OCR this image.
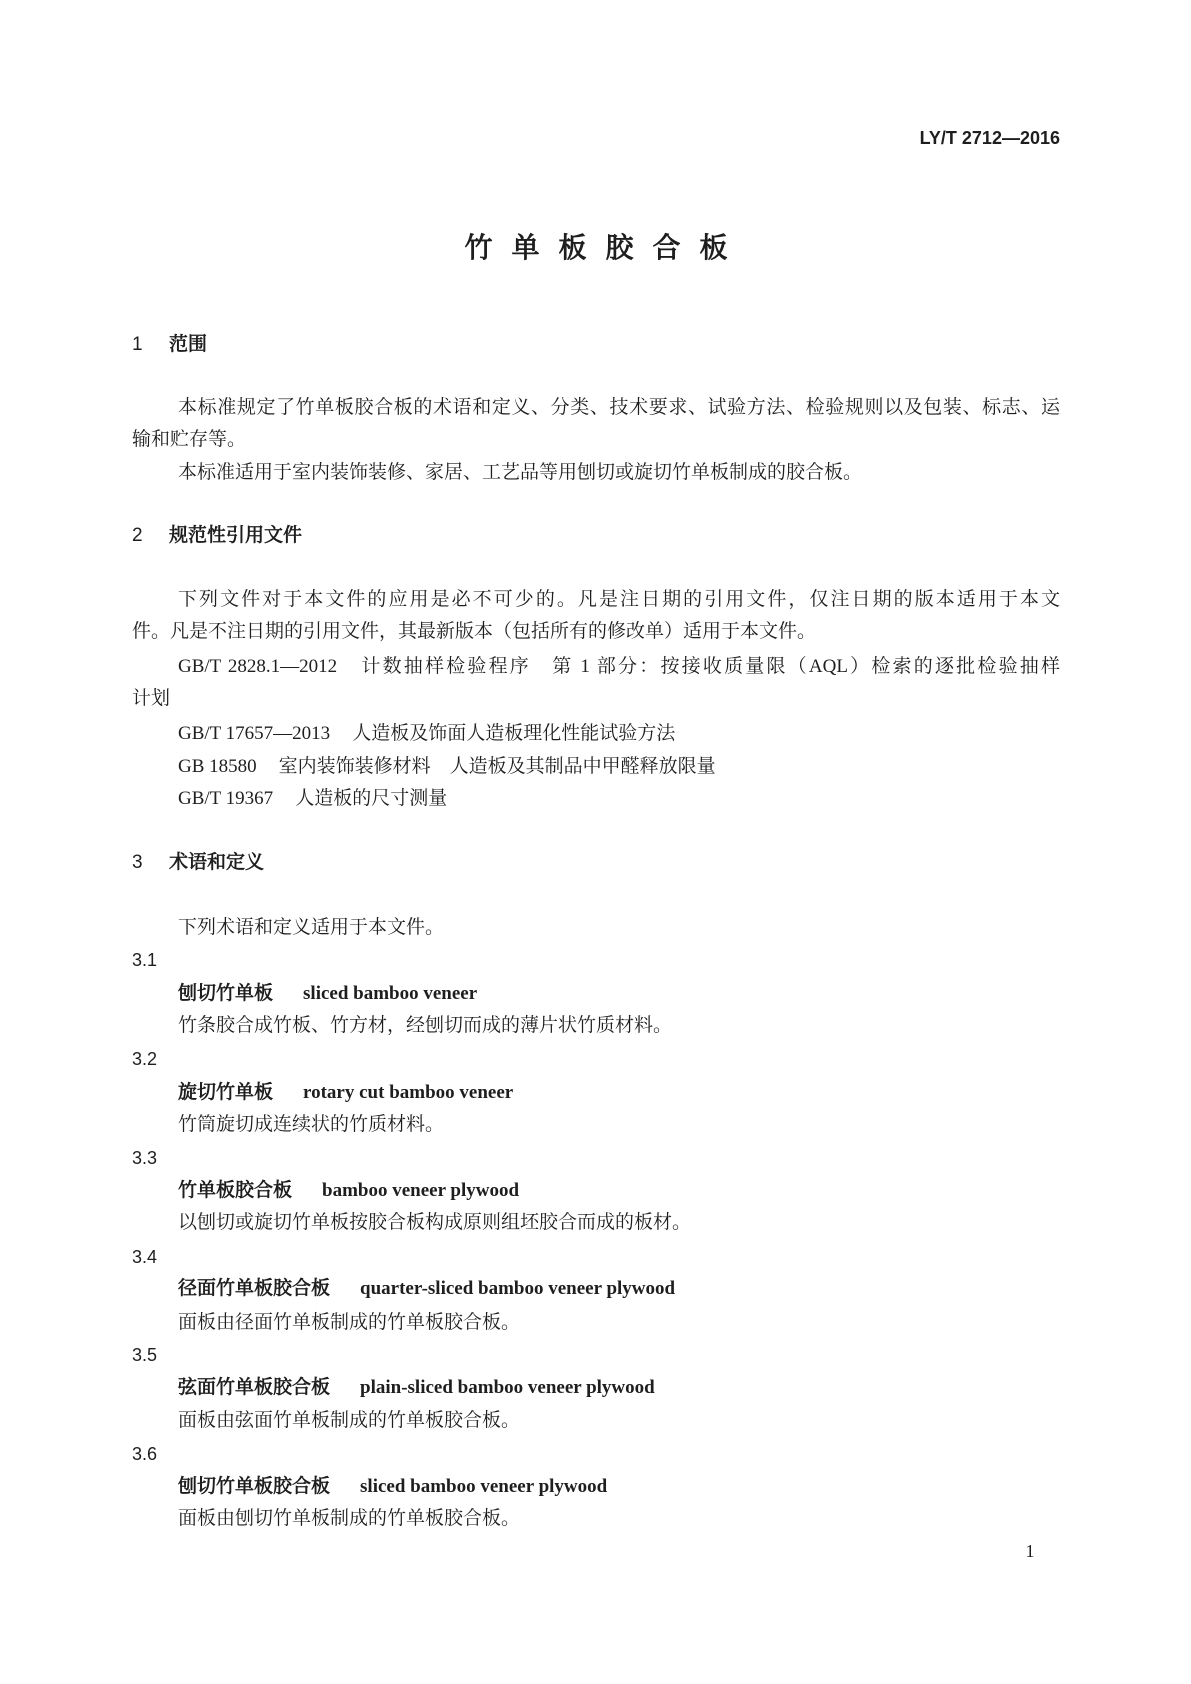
LY/T 2712—2016
竹单板胶合板
1 范围
本标准规定了竹单板胶合板的术语和定义、分类、技术要求、试验方法、检验规则以及包装、标志、运
输和贮存等。
本标准适用于室内装饰装修、家居、工艺品等用刨切或旋切竹单板制成的胶合板。
2 规范性引用文件
下列文件对于本文件的应用是必不可少的。凡是注日期的引用文件，仅注日期的版本适用于本文
件。凡是不注日期的引用文件，其最新版本（包括所有的修改单）适用于本文件。
GB/T 2828.1—2012 计数抽样检验程序　第 1 部分：按接收质量限（AQL）检索的逐批检验抽样
计划
GB/T 17657—2013 人造板及饰面人造板理化性能试验方法
GB 18580 室内装饰装修材料　人造板及其制品中甲醛释放限量
GB/T 19367 人造板的尺寸测量
3 术语和定义
下列术语和定义适用于本文件。
3.1
刨切竹单板 sliced bamboo veneer
竹条胶合成竹板、竹方材，经刨切而成的薄片状竹质材料。
3.2
旋切竹单板 rotary cut bamboo veneer
竹筒旋切成连续状的竹质材料。
3.3
竹单板胶合板 bamboo veneer plywood
以刨切或旋切竹单板按胶合板构成原则组坯胶合而成的板材。
3.4
径面竹单板胶合板 quarter-sliced bamboo veneer plywood
面板由径面竹单板制成的竹单板胶合板。
3.5
弦面竹单板胶合板 plain-sliced bamboo veneer plywood
面板由弦面竹单板制成的竹单板胶合板。
3.6
刨切竹单板胶合板 sliced bamboo veneer plywood
面板由刨切竹单板制成的竹单板胶合板。
1
